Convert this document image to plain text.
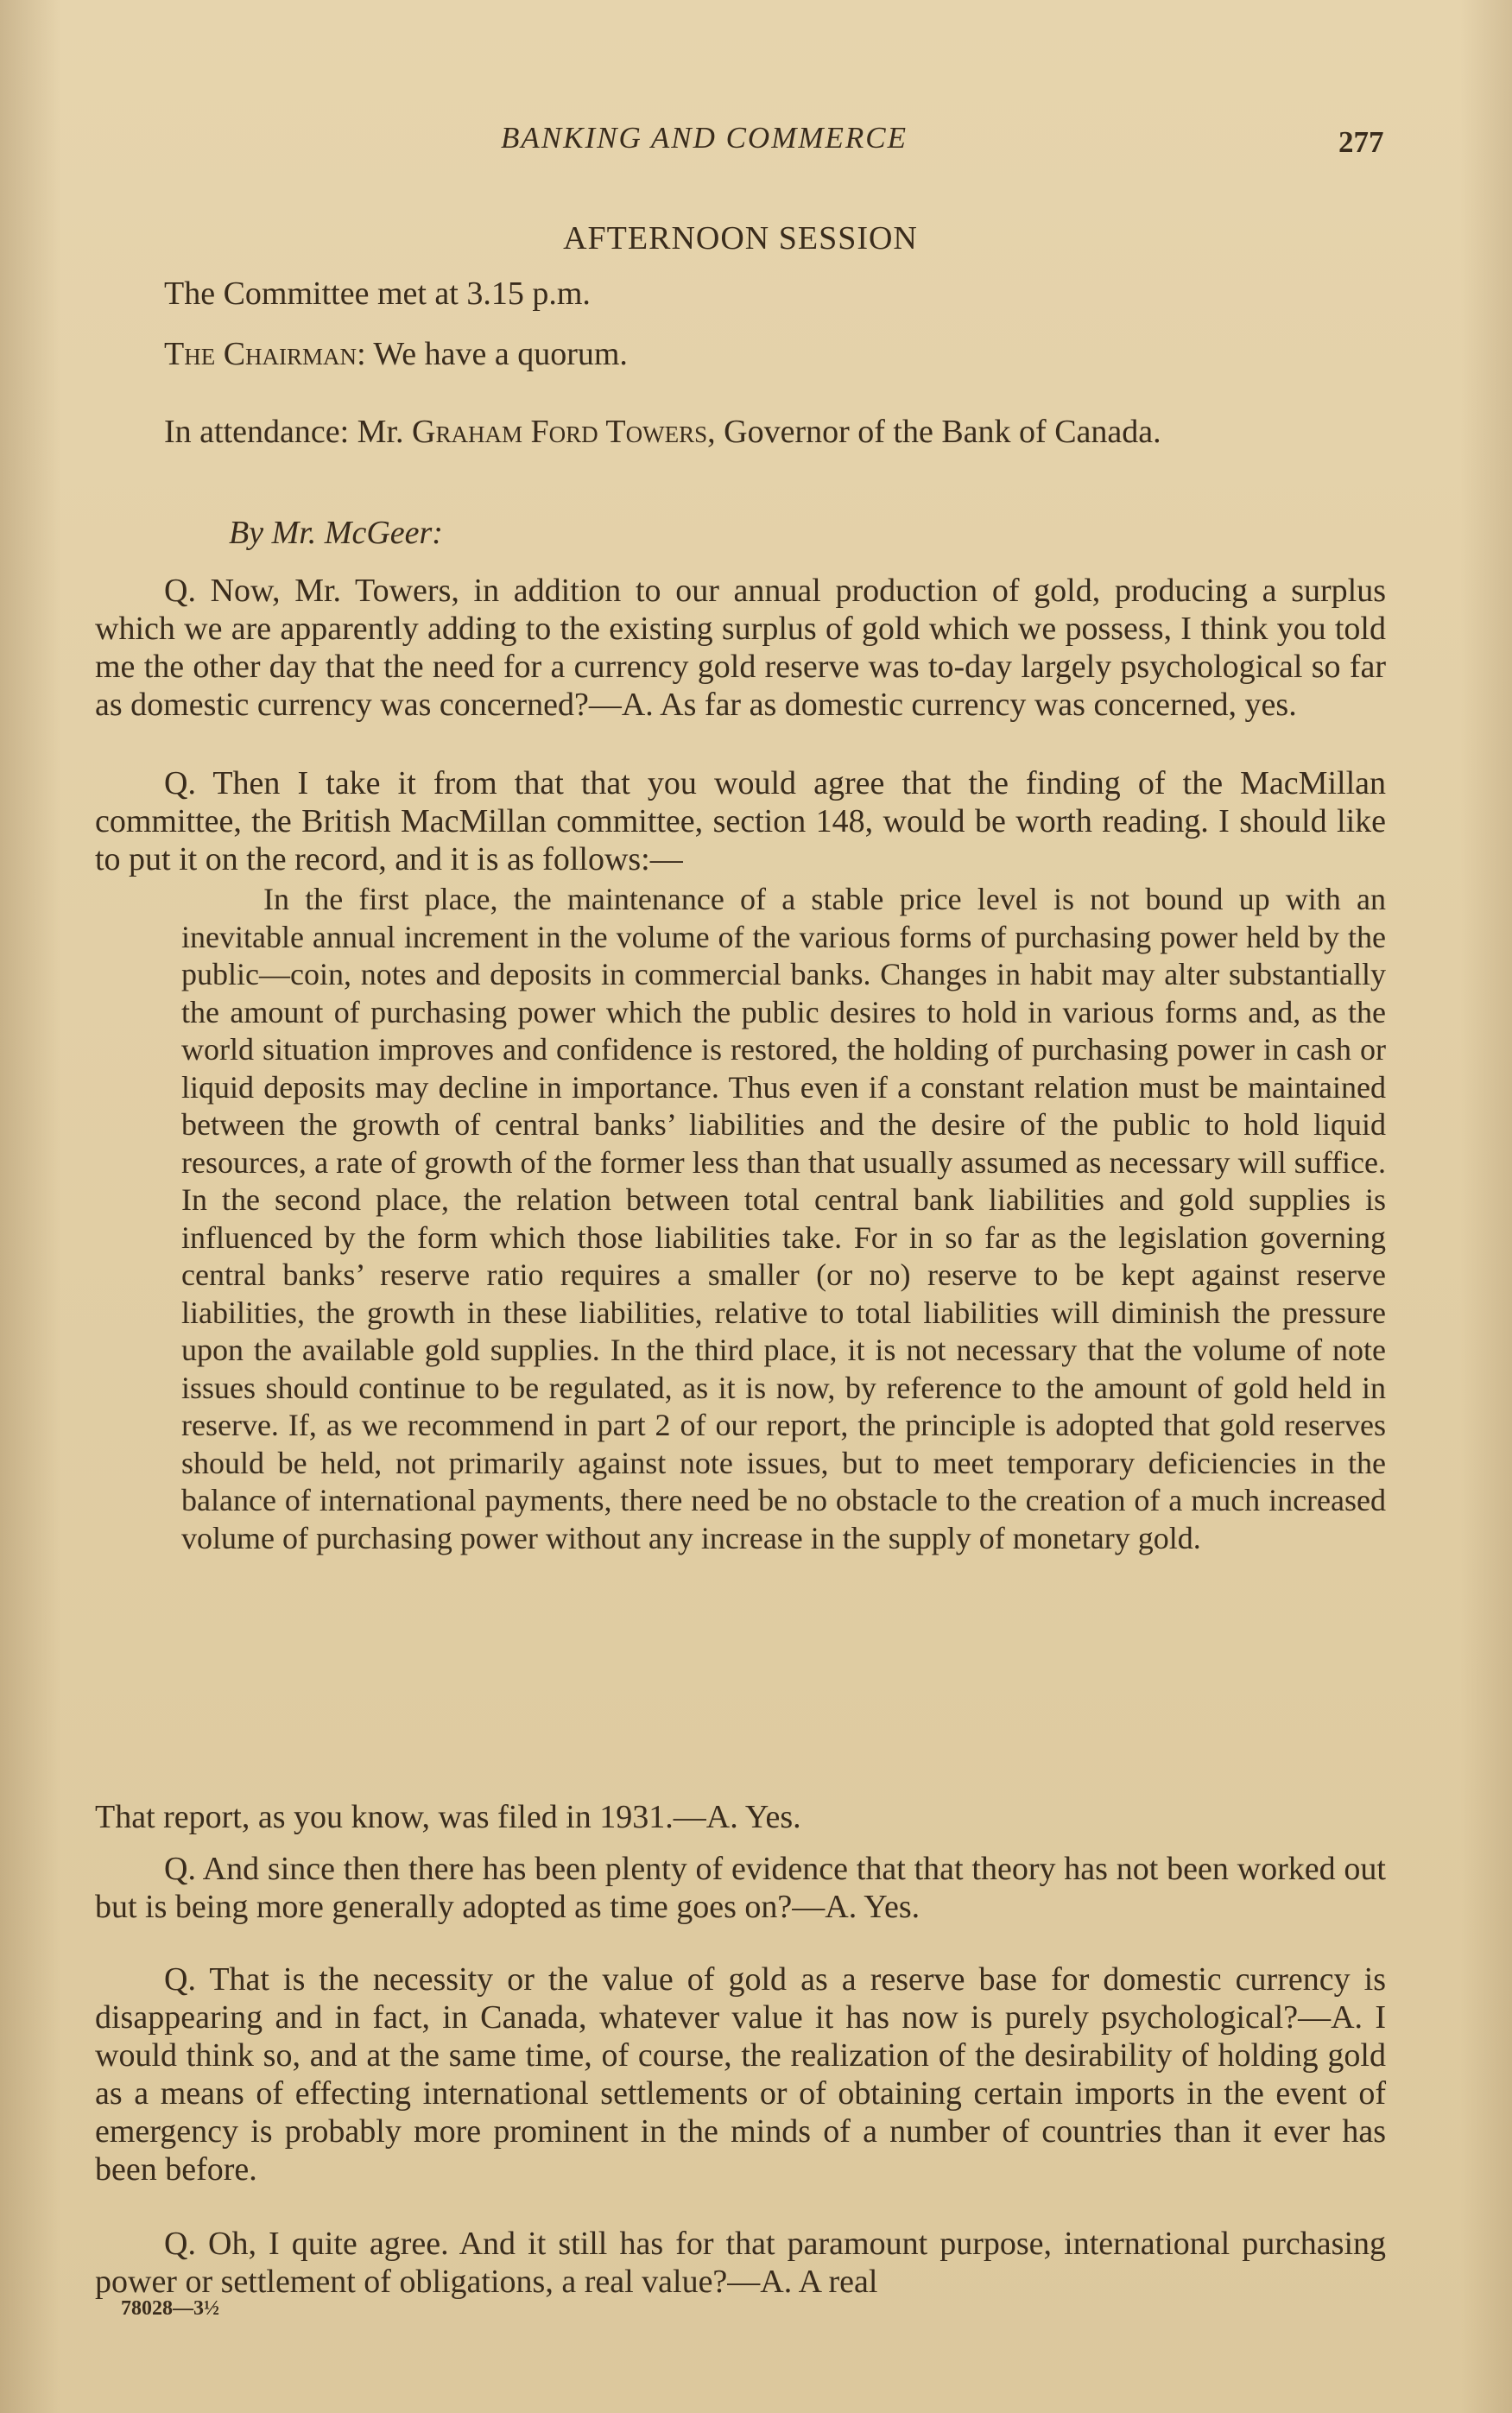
BANKING AND COMMERCE	277
AFTERNOON SESSION
The Committee met at 3.15 p.m.
The Chairman: We have a quorum.
In attendance: Mr. Graham Ford Towers, Governor of the Bank of Canada.
By Mr. McGeer:
Q. Now, Mr. Towers, in addition to our annual production of gold, producing a surplus which we are apparently adding to the existing surplus of gold which we possess, I think you told me the other day that the need for a currency gold reserve was to-day largely psychological so far as domestic currency was concerned?—A. As far as domestic currency was concerned, yes.
Q. Then I take it from that that you would agree that the finding of the MacMillan committee, the British MacMillan committee, section 148, would be worth reading. I should like to put it on the record, and it is as follows:—
In the first place, the maintenance of a stable price level is not bound up with an inevitable annual increment in the volume of the various forms of purchasing power held by the public—coin, notes and deposits in commercial banks. Changes in habit may alter substantially the amount of purchasing power which the public desires to hold in various forms and, as the world situation improves and confidence is restored, the holding of purchasing power in cash or liquid deposits may decline in importance. Thus even if a constant relation must be maintained between the growth of central banks’ liabilities and the desire of the public to hold liquid resources, a rate of growth of the former less than that usually assumed as necessary will suffice. In the second place, the relation between total central bank liabilities and gold supplies is influenced by the form which those liabilities take. For in so far as the legislation governing central banks’ reserve ratio requires a smaller (or no) reserve to be kept against reserve liabilities, the growth in these liabilities, relative to total liabilities will diminish the pressure upon the available gold supplies. In the third place, it is not necessary that the volume of note issues should continue to be regulated, as it is now, by reference to the amount of gold held in reserve. If, as we recommend in part 2 of our report, the principle is adopted that gold reserves should be held, not primarily against note issues, but to meet temporary deficiencies in the balance of international payments, there need be no obstacle to the creation of a much increased volume of purchasing power without any increase in the supply of monetary gold.
That report, as you know, was filed in 1931.—A. Yes.
Q. And since then there has been plenty of evidence that that theory has not been worked out but is being more generally adopted as time goes on?—A. Yes.
Q. That is the necessity or the value of gold as a reserve base for domestic currency is disappearing and in fact, in Canada, whatever value it has now is purely psychological?—A. I would think so, and at the same time, of course, the realization of the desirability of holding gold as a means of effecting international settlements or of obtaining certain imports in the event of emergency is probably more prominent in the minds of a number of countries than it ever has been before.
Q. Oh, I quite agree. And it still has for that paramount purpose, international purchasing power or settlement of obligations, a real value?—A. A real
78028—3½
